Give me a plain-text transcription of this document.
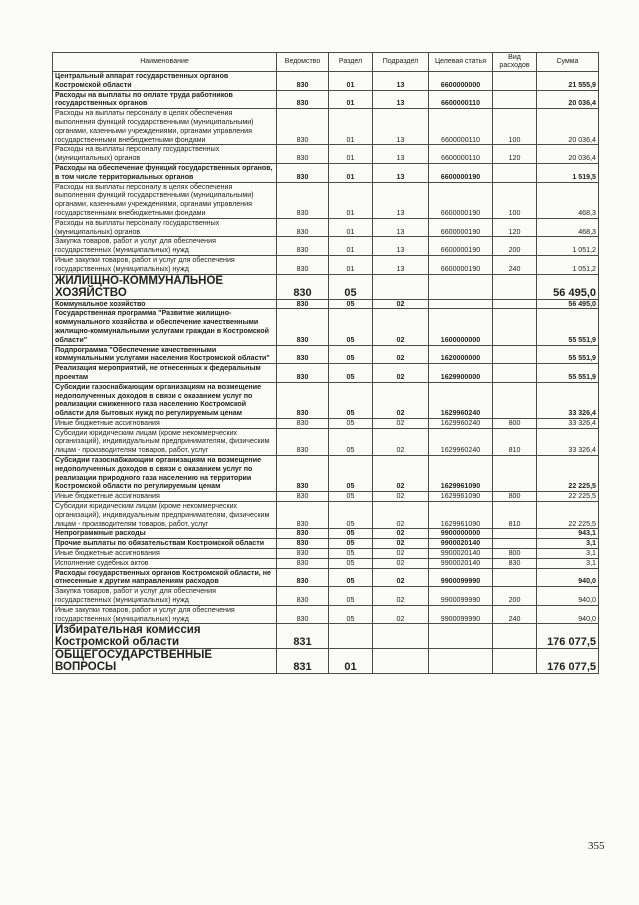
Наименование	Ведомство	Раздел	Подраздел	Целевая статья	Вид расходов	Сумма
Центральный аппарат государственных органов Костромской области	830	01	13	6600000000		21 555,9
Расходы на выплаты по оплате труда работников государственных органов	830	01	13	6600000110		20 036,4
Расходы на выплаты персоналу в целях обеспечения выполнения функций государственными (муниципальными) органами, казенными учреждениями, органами управления государственными внебюджетными фондами	830	01	13	6600000110	100	20 036,4
Расходы на выплаты персоналу государственных (муниципальных) органов	830	01	13	6600000110	120	20 036,4
Расходы на обеспечение функций государственных органов, в том числе территориальных органов	830	01	13	6600000190		1 519,5
Расходы на выплаты персоналу в целях обеспечения выполнения функций государственными (муниципальными) органами, казенными учреждениями, органами управления государственными внебюджетными фондами	830	01	13	6600000190	100	468,3
Расходы на выплаты персоналу государственных (муниципальных) органов	830	01	13	6600000190	120	468,3
Закупка товаров, работ и услуг для обеспечения государственных (муниципальных) нужд	830	01	13	6600000190	200	1 051,2
Иные закупки товаров, работ и услуг для обеспечения государственных (муниципальных) нужд	830	01	13	6600000190	240	1 051,2
ЖИЛИЩНО-КОММУНАЛЬНОЕ ХОЗЯЙСТВО	830	05				56 495,0
Коммунальное хозяйство	830	05	02			56 495,0
Государственная программа "Развитие жилищно-коммунального хозяйства и обеспечение качественными жилищно-коммунальными услугами граждан в Костромской области"	830	05	02	1600000000		55 551,9
Подпрограмма "Обеспечение качественными коммунальными услугами населения Костромской области"	830	05	02	1620000000		55 551,9
Реализация мероприятий, не отнесенных к федеральным проектам	830	05	02	1629900000		55 551,9
Субсидии газоснабжающим организациям на возмещение недополученных доходов в связи с оказанием услуг по реализации сжиженного газа населению Костромской области для бытовых нужд по регулируемым ценам	830	05	02	1629960240		33 326,4
Иные бюджетные ассигнования	830	05	02	1629960240	800	33 326,4
Субсидии юридическим лицам (кроме некоммерческих организаций), индивидуальным предпринимателям, физическим лицам - производителям товаров, работ, услуг	830	05	02	1629960240	810	33 326,4
Субсидии газоснабжающим организациям на возмещение недополученных доходов в связи с оказанием услуг по реализации природного газа населению на территории Костромской области по регулируемым ценам	830	05	02	1629961090		22 225,5
Иные бюджетные ассигнования	830	05	02	1629961090	800	22 225,5
Субсидии юридическим лицам (кроме некоммерческих организаций), индивидуальным предпринимателям, физическим лицам - производителям товаров, работ, услуг	830	05	02	1629961090	810	22 225,5
Непрограммные расходы	830	05	02	9900000000		943,1
Прочие выплаты по обязательствам Костромской области	830	05	02	9900020140		3,1
Иные бюджетные ассигнования	830	05	02	9900020140	800	3,1
Исполнение судебных актов	830	05	02	9900020140	830	3,1
Расходы государственных органов Костромской области, не отнесенные к другим направлениям расходов	830	05	02	9900099990		940,0
Закупка товаров, работ и услуг для обеспечения государственных (муниципальных) нужд	830	05	02	9900099990	200	940,0
Иные закупки товаров, работ и услуг для обеспечения государственных (муниципальных) нужд	830	05	02	9900099990	240	940,0
Избирательная комиссия Костромской области	831					176 077,5
ОБЩЕГОСУДАРСТВЕННЫЕ ВОПРОСЫ	831	01				176 077,5
355
